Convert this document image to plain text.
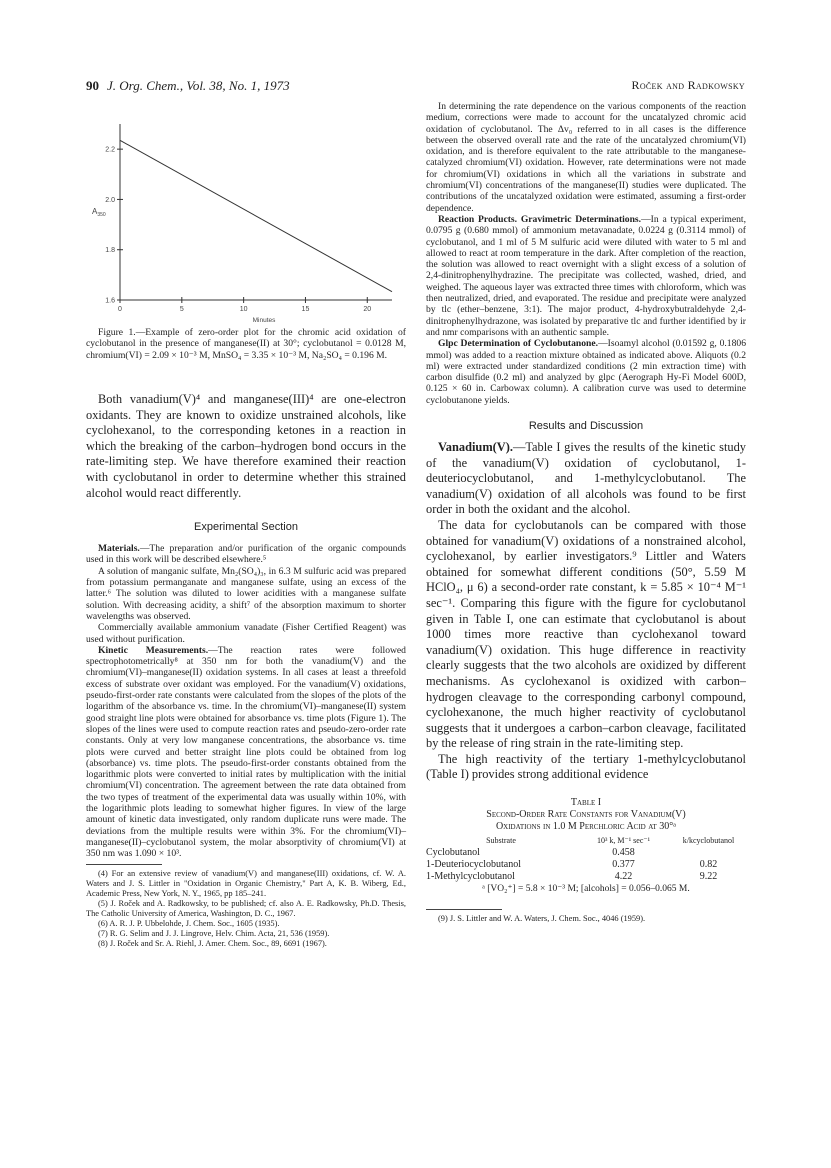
90 J. Org. Chem., Vol. 38, No. 1, 1973	Roček and Radkowsky
2.2
2.0
1.8
1.6
0	5	10	15	20
$A_{350}$
Minutes

Figure 1.—Example of zero-order plot for the chromic acid oxidation of cyclobutanol in the presence of manganese(II) at 30°; cyclobutanol = 0.0128 M, chromium(VI) = 2.09 × 10⁻³ M, MnSO₄ = 3.35 × 10⁻³ M, Na₂SO₄ = 0.196 M.

Both vanadium(V)⁴ and manganese(III)⁴ are one-electron oxidants. They are known to oxidize unstrained alcohols, like cyclohexanol, to the corresponding ketones in a reaction in which the breaking of the carbon–hydrogen bond occurs in the rate-limiting step. We have therefore examined their reaction with cyclobutanol in order to determine whether this strained alcohol would react differently.

Experimental Section

Materials.—The preparation and/or purification of the organic compounds used in this work will be described elsewhere.⁵

A solution of manganic sulfate, Mn₂(SO₄)₃, in 6.3 M sulfuric acid was prepared from potassium permanganate and manganese sulfate, using an excess of the latter.⁶ The solution was diluted to lower acidities with a manganese sulfate solution. With decreasing acidity, a shift⁷ of the absorption maximum to shorter wavelengths was observed.

Commercially available ammonium vanadate (Fisher Certified Reagent) was used without purification.

Kinetic Measurements.—The reaction rates were followed spectrophotometrically⁸ at 350 nm for both the vanadium(V) and the chromium(VI)–manganese(II) oxidation systems. In all cases at least a threefold excess of substrate over oxidant was employed. For the vanadium(V) oxidations, pseudo-first-order rate constants were calculated from the slopes of the plots of the logarithm of the absorbance vs. time. In the chromium(VI)–manganese(II) system good straight line plots were obtained for absorbance vs. time plots (Figure 1). The slopes of the lines were used to compute reaction rates and pseudo-zero-order rate constants. Only at very low manganese concentrations, the absorbance vs. time plots were curved and better straight line plots could be obtained from log (absorbance) vs. time plots. The pseudo-first-order constants obtained from the logarithmic plots were converted to initial rates by multiplication with the initial chromium(VI) concentration. The agreement between the rate data obtained from the two types of treatment of the experimental data was usually within 10%, with the logarithmic plots leading to somewhat higher figures. In view of the large amount of kinetic data investigated, only random duplicate runs were made. The deviations from the multiple results were within 3%. For the chromium(VI)–manganese(II)–cyclobutanol system, the molar absorptivity of chromium(VI) at 350 nm was 1.090 × 10³.

(4) For an extensive review of vanadium(V) and manganese(III) oxidations, cf. W. A. Waters and J. S. Littler in "Oxidation in Organic Chemistry," Part A, K. B. Wiberg, Ed., Academic Press, New York, N. Y., 1965, pp 185–241.

(5) J. Roček and A. Radkowsky, to be published; cf. also A. E. Radkowsky, Ph.D. Thesis, The Catholic University of America, Washington, D. C., 1967.

(6) A. R. J. P. Ubbelohde, J. Chem. Soc., 1605 (1935).

(7) R. G. Selim and J. J. Lingrove, Helv. Chim. Acta, 21, 536 (1959).

(8) J. Roček and Sr. A. Riehl, J. Amer. Chem. Soc., 89, 6691 (1967).

In determining the rate dependence on the various components of the reaction medium, corrections were made to account for the uncatalyzed chromic acid oxidation of cyclobutanol. The Δv₀ referred to in all cases is the difference between the observed overall rate and the rate of the uncatalyzed chromium(VI) oxidation, and is therefore equivalent to the rate attributable to the manganese-catalyzed chromium(VI) oxidation. However, rate determinations were not made for chromium(VI) oxidations in which all the variations in substrate and chromium(VI) concentrations of the manganese(II) studies were duplicated. The contributions of the uncatalyzed oxidation were estimated, assuming a first-order dependence.

Reaction Products. Gravimetric Determinations.—In a typical experiment, 0.0795 g (0.680 mmol) of ammonium metavanadate, 0.0224 g (0.3114 mmol) of cyclobutanol, and 1 ml of 5 M sulfuric acid were diluted with water to 5 ml and allowed to react at room temperature in the dark. After completion of the reaction, the solution was allowed to react overnight with a slight excess of a solution of 2,4-dinitrophenylhydrazine. The precipitate was collected, washed, dried, and weighed. The aqueous layer was extracted three times with chloroform, which was then neutralized, dried, and evaporated. The residue and precipitate were analyzed by tlc (ether–benzene, 3:1). The major product, 4-hydroxybutraldehyde 2,4-dinitrophenylhydrazone, was isolated by preparative tlc and further identified by ir and nmr comparisons with an authentic sample.

Glpc Determination of Cyclobutanone.—Isoamyl alcohol (0.01592 g, 0.1806 mmol) was added to a reaction mixture obtained as indicated above. Aliquots (0.2 ml) were extracted under standardized conditions (2 min extraction time) with carbon disulfide (0.2 ml) and analyzed by glpc (Aerograph Hy-Fi Model 600D, 0.125 × 60 in. Carbowax column). A calibration curve was used to determine cyclobutanone yields.

Results and Discussion

Vanadium(V).—Table I gives the results of the kinetic study of the vanadium(V) oxidation of cyclobutanol, 1-deuteriocyclobutanol, and 1-methylcyclobutanol. The vanadium(V) oxidation of all alcohols was found to be first order in both the oxidant and the alcohol.

The data for cyclobutanols can be compared with those obtained for vanadium(V) oxidations of a nonstrained alcohol, cyclohexanol, by earlier investigators.⁹ Littler and Waters obtained for somewhat different conditions (50°, 5.59 M HClO₄, μ 6) a second-order rate constant, k = 5.85 × 10⁻⁴ M⁻¹ sec⁻¹. Comparing this figure with the figure for cyclobutanol given in Table I, one can estimate that cyclobutanol is about 1000 times more reactive than cyclohexanol toward vanadium(V) oxidation. This huge difference in reactivity clearly suggests that the two alcohols are oxidized by different mechanisms. As cyclohexanol is oxidized with carbon–hydrogen cleavage to the corresponding carbonyl compound, cyclohexanone, the much higher reactivity of cyclobutanol suggests that it undergoes a carbon–carbon cleavage, facilitated by the release of ring strain in the rate-limiting step.

The high reactivity of the tertiary 1-methylcyclobutanol (Table I) provides strong additional evidence

Table I

Second-Order Rate Constants for Vanadium(V)

Oxidations in 1.0 M Perchloric Acid at 30°ᵃ

Substrate	10³ k, M⁻¹ sec⁻¹	k/kcyclobutanol
Cyclobutanol	0.458	
1-Deuteriocyclobutanol	0.377	0.82
1-Methylcyclobutanol	4.22	9.22

ᵃ [VO₂⁺] = 5.8 × 10⁻³ M; [alcohols] = 0.056–0.065 M.

(9) J. S. Littler and W. A. Waters, J. Chem. Soc., 4046 (1959).
